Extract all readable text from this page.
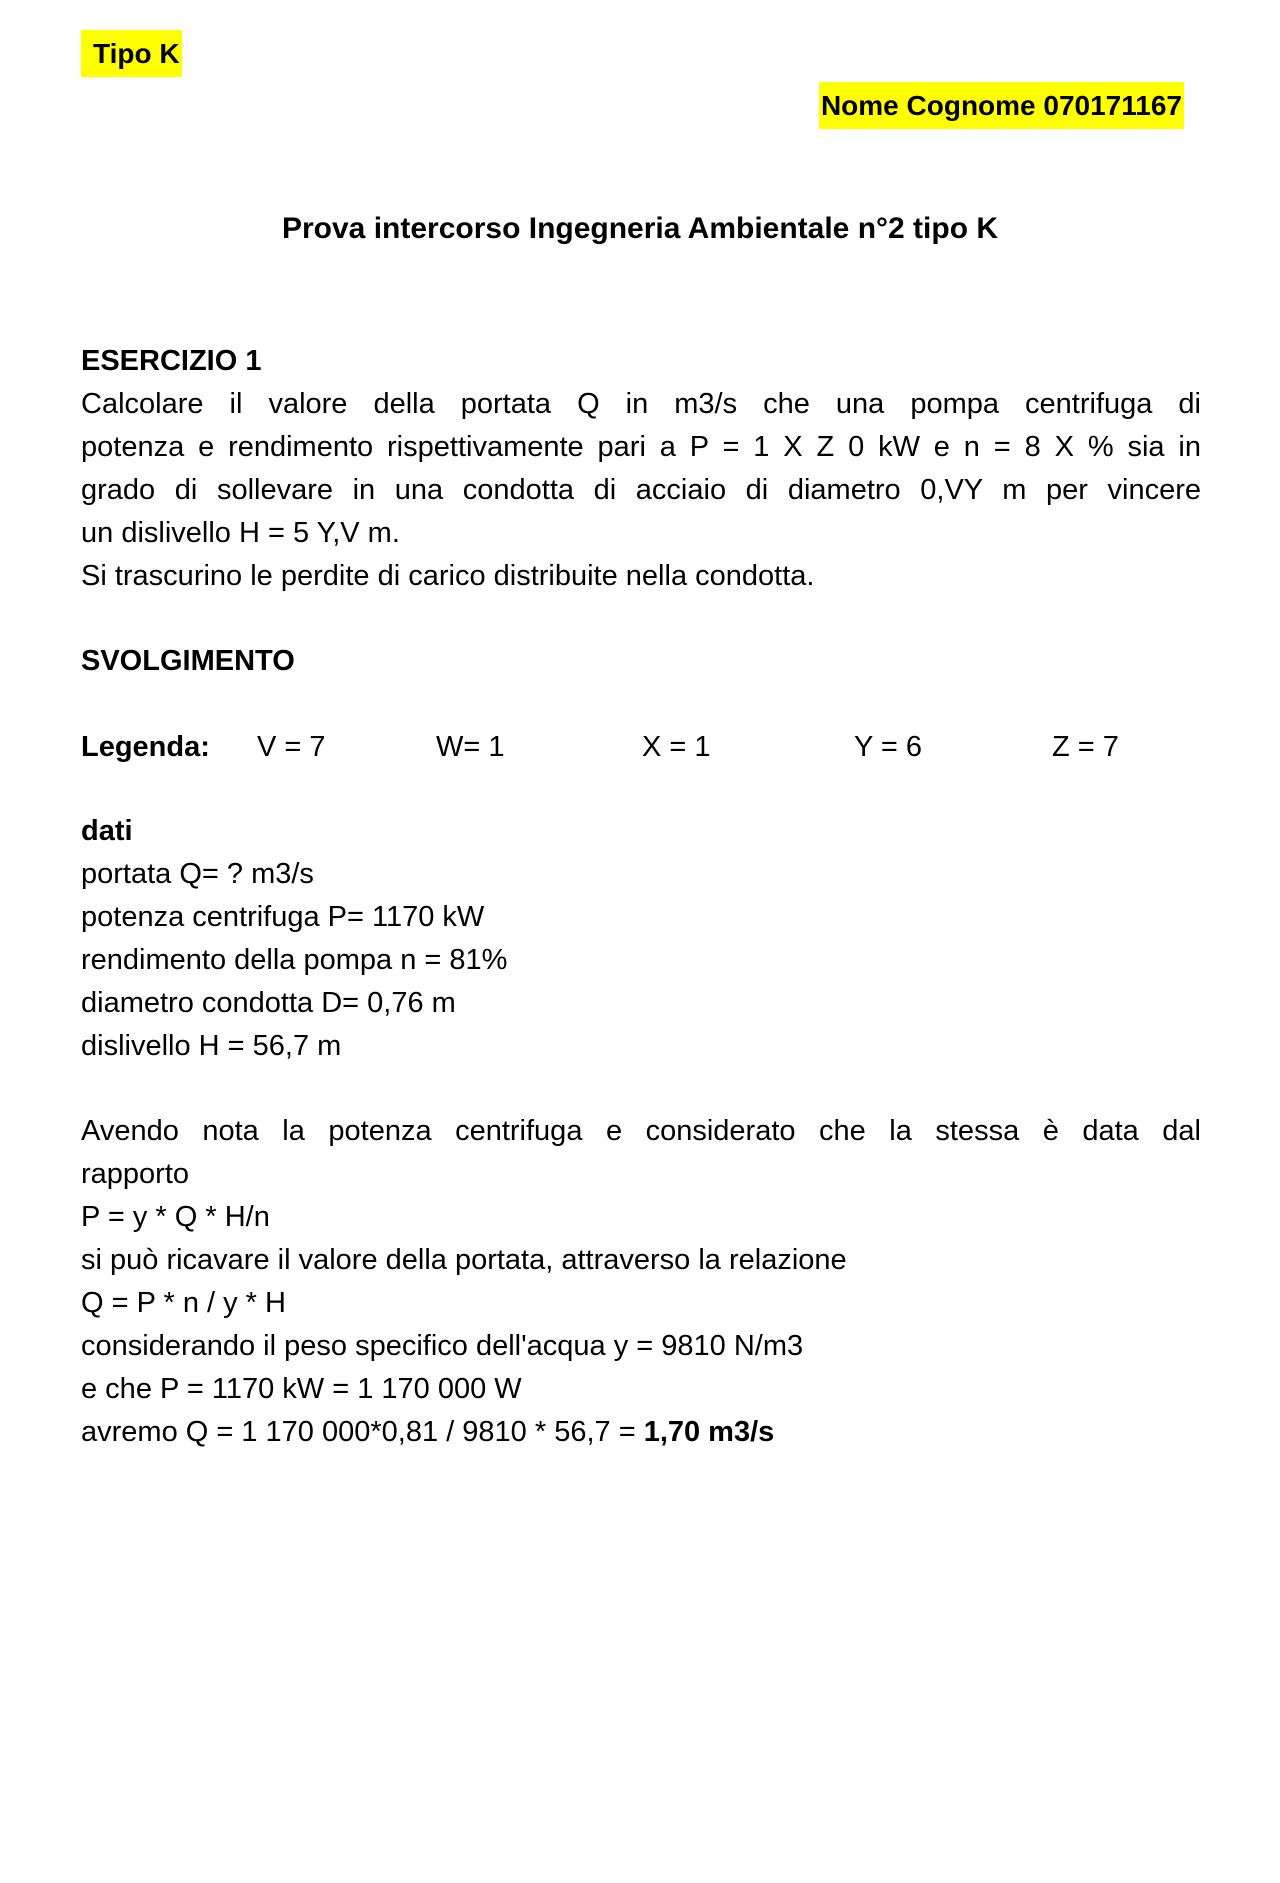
Tipo K
Nome Cognome 070171167
Prova intercorso Ingegneria Ambientale n°2 tipo K
ESERCIZIO 1
Calcolare il valore della portata Q in m3/s che una pompa centrifuga di
potenza e rendimento rispettivamente pari a P = 1 X Z 0 kW e n = 8 X % sia in
grado di sollevare in una condotta di acciaio di diametro 0,VY m per vincere
un dislivello H = 5 Y,V m.
Si trascurino le perdite di carico distribuite nella condotta.
SVOLGIMENTO
Legenda: V = 7	W= 1	X = 1	Y = 6	Z = 7
dati
portata Q= ? m3/s
potenza centrifuga P= 1170 kW
rendimento della pompa n = 81%
diametro condotta D= 0,76 m
dislivello H = 56,7 m
Avendo nota la potenza centrifuga e considerato che la stessa è data dal
rapporto
P = y * Q * H/n
si può ricavare il valore della portata, attraverso la relazione
Q = P * n / y * H
considerando il peso specifico dell'acqua y = 9810 N/m3
e che P = 1170 kW = 1 170 000 W
avremo Q = 1 170 000*0,81 / 9810 * 56,7 = 1,70 m3/s
